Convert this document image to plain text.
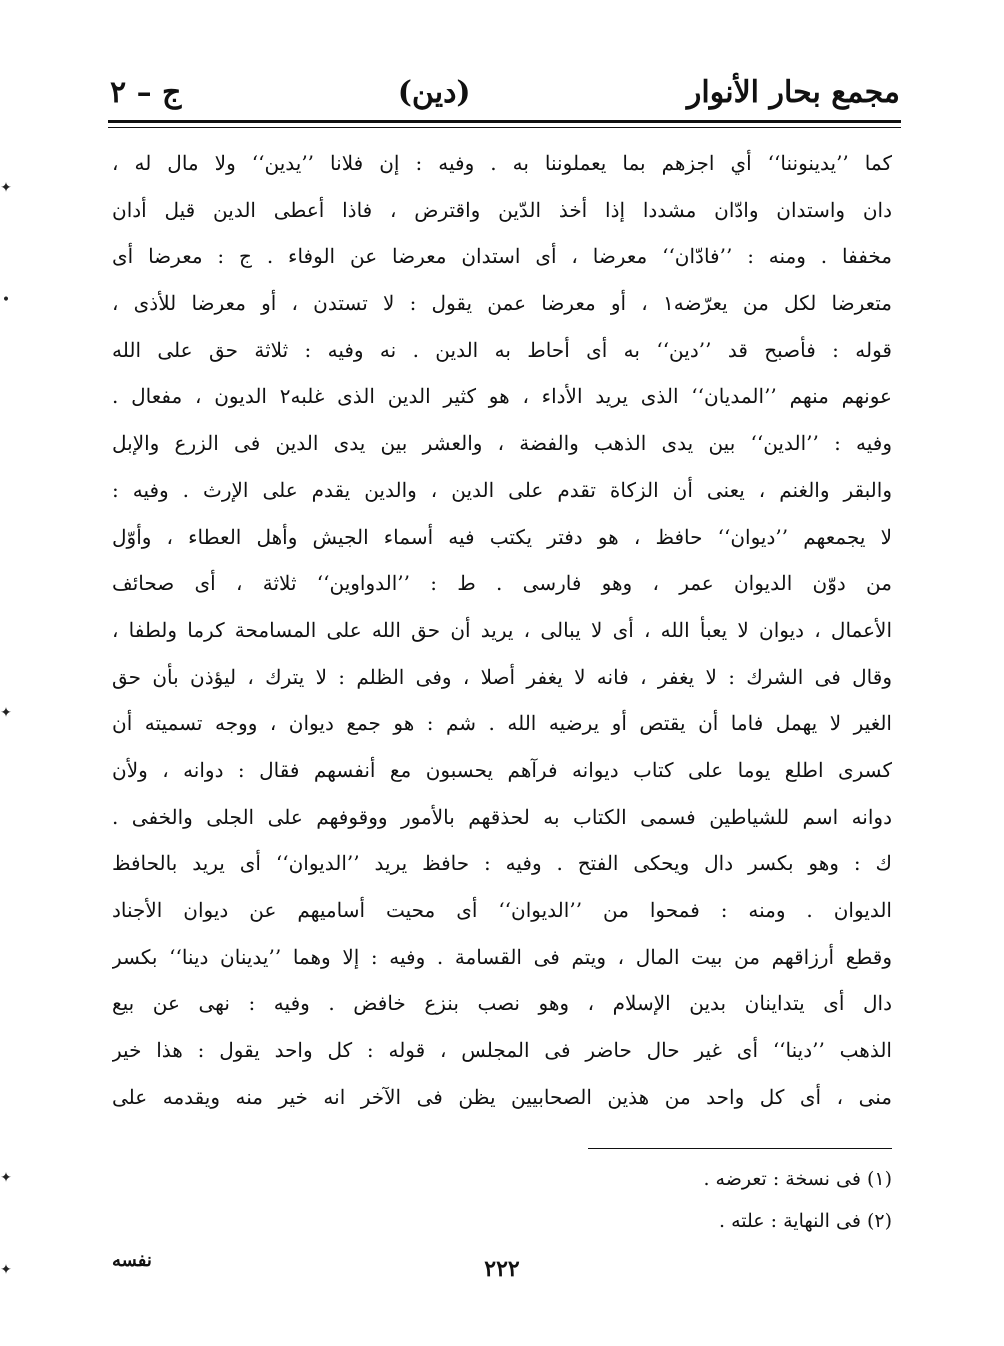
مجمع بحار الأنوار
(دين)
ج – ٢
كما ’’يدينوننا‘‘ أي اجزهم بما يعملوننا به . وفيه : إن فلانا ’’يدين‘‘ ولا مال له ،
دان واستدان وادّان مشددا إذا أخذ الدّين واقترض ، فاذا أعطى الدين قيل أدان
مخففا . ومنه : ’’فادّان‘‘ معرضا ، أى استدان معرضا عن الوفاء . ج : معرضا أى
متعرضا لكل من يعرّضه١ ، أو معرضا عمن يقول : لا تستدن ، أو معرضا للأذى ،
قوله : فأصبح قد ’’دين‘‘ به أى أحاط به الدين . نه وفيه : ثلاثة حق على الله
عونهم منهم ’’المديان‘‘ الذى يريد الأداء ، هو كثير الدين الذى غلبه٢ الديون ، مفعال .
وفيه : ’’الدين‘‘ بين يدى الذهب والفضة ، والعشر بين يدى الدين فى الزرع والإبل
والبقر والغنم ، يعنى أن الزكاة تقدم على الدين ، والدين يقدم على الإرث . وفيه :
لا يجمعهم ’’ديوان‘‘ حافظ ، هو دفتر يكتب فيه أسماء الجيش وأهل العطاء ، وأوّل
من دوّن الديوان عمر ، وهو فارسى . ط : ’’الدواوين‘‘ ثلاثة ، أى صحائف
الأعمال ، ديوان لا يعبأ الله ، أى لا يبالى ، يريد أن حق الله على المسامحة كرما ولطفا ،
وقال فى الشرك : لا يغفر ، فانه لا يغفر أصلا ، وفى الظلم : لا يترك ، ليؤذن بأن حق
الغير لا يهمل فاما أن يقتص أو يرضيه الله . شم : هو جمع ديوان ، ووجه تسميته أن
كسرى اطلع يوما على كتاب ديوانه فرآهم يحسبون مع أنفسهم فقال : دوانه ، ولأن
دوانه اسم للشياطين فسمى الكتاب به لحذقهم بالأمور ووقوفهم على الجلى والخفى .
ك : وهو بكسر دال ويحكى الفتح . وفيه : حافظ يريد ’’الديوان‘‘ أى يريد بالحافظ
الديوان . ومنه : فمحوا من ’’الديوان‘‘ أى محيت أساميهم عن ديوان الأجناد
وقطع أرزاقهم من بيت المال ، ويتم فى القسامة . وفيه : إلا وهما ’’يدينان دينا‘‘ بكسر
دال أى يتداينان بدين الإسلام ، وهو نصب بنزع خافض . وفيه : نهى عن بيع
الذهب ’’دينا‘‘ أى غير حال حاضر فى المجلس ، قوله : كل واحد يقول : هذا خير
منى ، أى كل واحد من هذين الصحابيين يظن فى الآخر انه خير منه ويقدمه على
(١) فى نسخة : تعرضه .
(٢) فى النهاية : علته .
نفسه	٢٢٢
✦
•
✦
✦
✦
